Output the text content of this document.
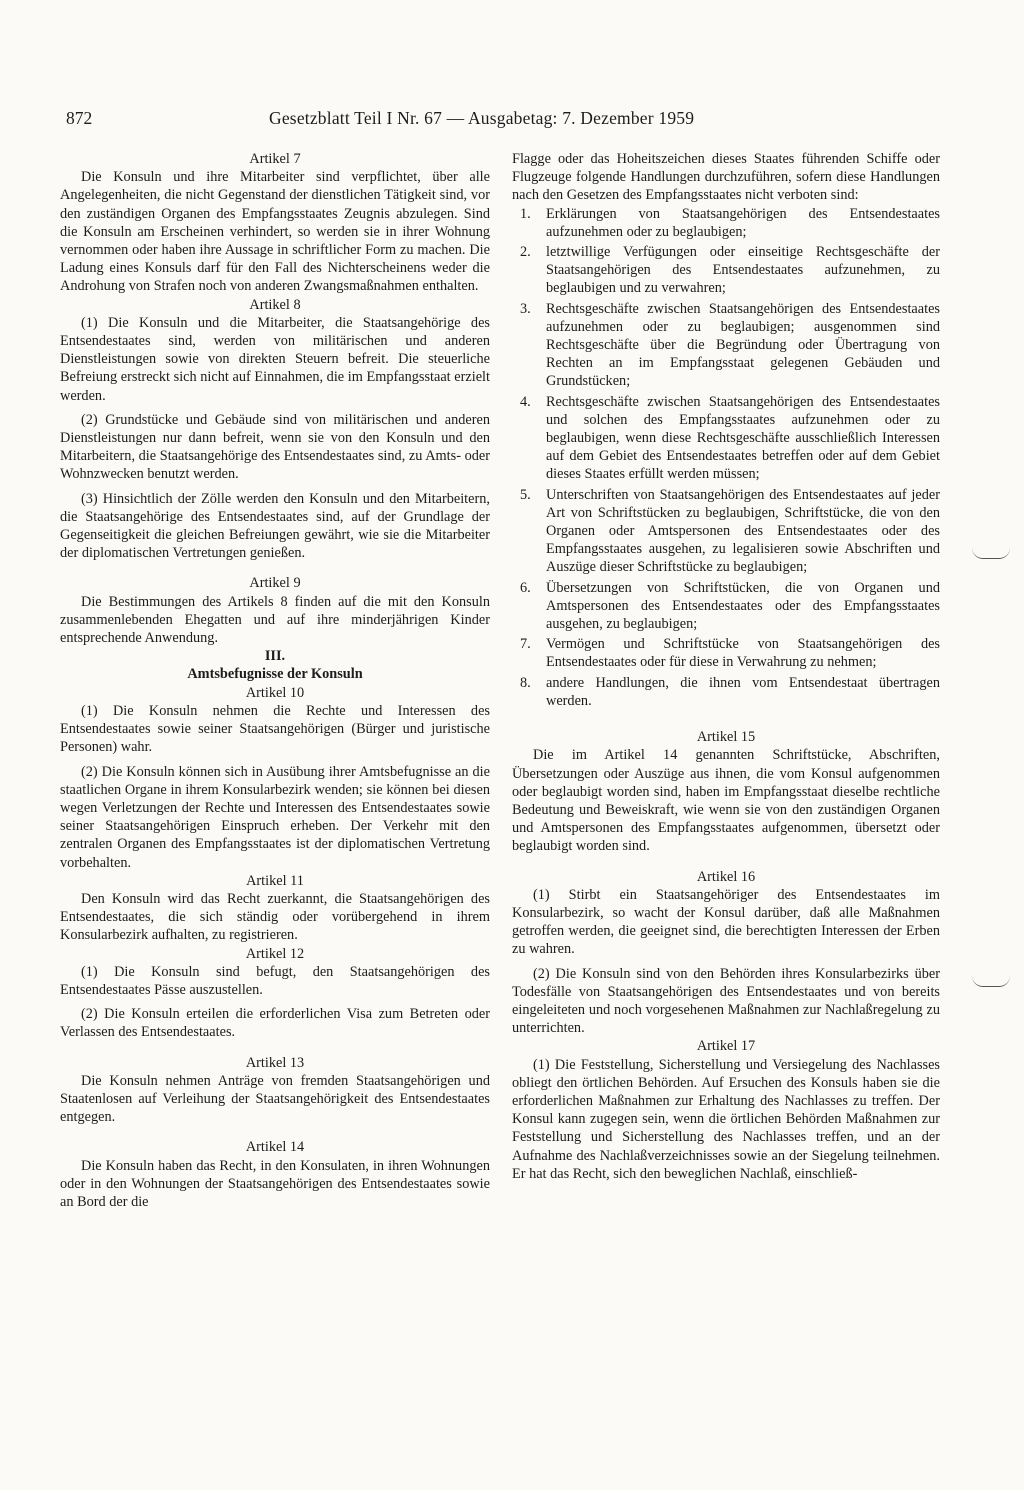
872	Gesetzblatt Teil I Nr. 67 — Ausgabetag: 7. Dezember 1959

Artikel 7

Die Konsuln und ihre Mitarbeiter sind verpflichtet, über alle Angelegenheiten, die nicht Gegenstand der dienstlichen Tätigkeit sind, vor den zuständigen Organen des Empfangsstaates Zeugnis abzulegen. Sind die Konsuln am Erscheinen verhindert, so werden sie in ihrer Wohnung vernommen oder haben ihre Aussage in schriftlicher Form zu machen. Die Ladung eines Konsuls darf für den Fall des Nichterscheinens weder die Androhung von Strafen noch von anderen Zwangsmaßnahmen enthalten.

Artikel 8

(1) Die Konsuln und die Mitarbeiter, die Staatsangehörige des Entsendestaates sind, werden von militärischen und anderen Dienstleistungen sowie von direkten Steuern befreit. Die steuerliche Befreiung erstreckt sich nicht auf Einnahmen, die im Empfangsstaat erzielt werden.

(2) Grundstücke und Gebäude sind von militärischen und anderen Dienstleistungen nur dann befreit, wenn sie von den Konsuln und den Mitarbeitern, die Staatsangehörige des Entsendestaates sind, zu Amts- oder Wohnzwecken benutzt werden.

(3) Hinsichtlich der Zölle werden den Konsuln und den Mitarbeitern, die Staatsangehörige des Entsendestaates sind, auf der Grundlage der Gegenseitigkeit die gleichen Befreiungen gewährt, wie sie die Mitarbeiter der diplomatischen Vertretungen genießen.

Artikel 9

Die Bestimmungen des Artikels 8 finden auf die mit den Konsuln zusammenlebenden Ehegatten und auf ihre minderjährigen Kinder entsprechende Anwendung.

III.

Amtsbefugnisse der Konsuln

Artikel 10

(1) Die Konsuln nehmen die Rechte und Interessen des Entsendestaates sowie seiner Staatsangehörigen (Bürger und juristische Personen) wahr.

(2) Die Konsuln können sich in Ausübung ihrer Amtsbefugnisse an die staatlichen Organe in ihrem Konsularbezirk wenden; sie können bei diesen wegen Verletzungen der Rechte und Interessen des Entsendestaates sowie seiner Staatsangehörigen Einspruch erheben. Der Verkehr mit den zentralen Organen des Empfangsstaates ist der diplomatischen Vertretung vorbehalten.

Artikel 11

Den Konsuln wird das Recht zuerkannt, die Staatsangehörigen des Entsendestaates, die sich ständig oder vorübergehend in ihrem Konsularbezirk aufhalten, zu registrieren.

Artikel 12

(1) Die Konsuln sind befugt, den Staatsangehörigen des Entsendestaates Pässe auszustellen.

(2) Die Konsuln erteilen die erforderlichen Visa zum Betreten oder Verlassen des Entsendestaates.

Artikel 13

Die Konsuln nehmen Anträge von fremden Staatsangehörigen und Staatenlosen auf Verleihung der Staatsangehörigkeit des Entsendestaates entgegen.

Artikel 14

Die Konsuln haben das Recht, in den Konsulaten, in ihren Wohnungen oder in den Wohnungen der Staatsangehörigen des Entsendestaates sowie an Bord der die

Flagge oder das Hoheitszeichen dieses Staates führenden Schiffe oder Flugzeuge folgende Handlungen durchzuführen, sofern diese Handlungen nach den Gesetzen des Empfangsstaates nicht verboten sind:

1.	Erklärungen von Staatsangehörigen des Entsendestaates aufzunehmen oder zu beglaubigen;
2.	letztwillige Verfügungen oder einseitige Rechtsgeschäfte der Staatsangehörigen des Entsendestaates aufzunehmen, zu beglaubigen und zu verwahren;
3.	Rechtsgeschäfte zwischen Staatsangehörigen des Entsendestaates aufzunehmen oder zu beglaubigen; ausgenommen sind Rechtsgeschäfte über die Begründung oder Übertragung von Rechten an im Empfangsstaat gelegenen Gebäuden und Grundstücken;
4.	Rechtsgeschäfte zwischen Staatsangehörigen des Entsendestaates und solchen des Empfangsstaates aufzunehmen oder zu beglaubigen, wenn diese Rechtsgeschäfte ausschließlich Interessen auf dem Gebiet des Entsendestaates betreffen oder auf dem Gebiet dieses Staates erfüllt werden müssen;
5.	Unterschriften von Staatsangehörigen des Entsendestaates auf jeder Art von Schriftstücken zu beglaubigen, Schriftstücke, die von den Organen oder Amtspersonen des Entsendestaates oder des Empfangsstaates ausgehen, zu legalisieren sowie Abschriften und Auszüge dieser Schriftstücke zu beglaubigen;
6.	Übersetzungen von Schriftstücken, die von Organen und Amtspersonen des Entsendestaates oder des Empfangsstaates ausgehen, zu beglaubigen;
7.	Vermögen und Schriftstücke von Staatsangehörigen des Entsendestaates oder für diese in Verwahrung zu nehmen;
8.	andere Handlungen, die ihnen vom Entsendestaat übertragen werden.

Artikel 15

Die im Artikel 14 genannten Schriftstücke, Abschriften, Übersetzungen oder Auszüge aus ihnen, die vom Konsul aufgenommen oder beglaubigt worden sind, haben im Empfangsstaat dieselbe rechtliche Bedeutung und Beweiskraft, wie wenn sie von den zuständigen Organen und Amtspersonen des Empfangsstaates aufgenommen, übersetzt oder beglaubigt worden sind.

Artikel 16

(1) Stirbt ein Staatsangehöriger des Entsendestaates im Konsularbezirk, so wacht der Konsul darüber, daß alle Maßnahmen getroffen werden, die geeignet sind, die berechtigten Interessen der Erben zu wahren.

(2) Die Konsuln sind von den Behörden ihres Konsularbezirks über Todesfälle von Staatsangehörigen des Entsendestaates und von bereits eingeleiteten und noch vorgesehenen Maßnahmen zur Nachlaßregelung zu unterrichten.

Artikel 17

(1) Die Feststellung, Sicherstellung und Versiegelung des Nachlasses obliegt den örtlichen Behörden. Auf Ersuchen des Konsuls haben sie die erforderlichen Maßnahmen zur Erhaltung des Nachlasses zu treffen. Der Konsul kann zugegen sein, wenn die örtlichen Behörden Maßnahmen zur Feststellung und Sicherstellung des Nachlasses treffen, und an der Aufnahme des Nachlaßverzeichnisses sowie an der Siegelung teilnehmen. Er hat das Recht, sich den beweglichen Nachlaß, einschließ-
